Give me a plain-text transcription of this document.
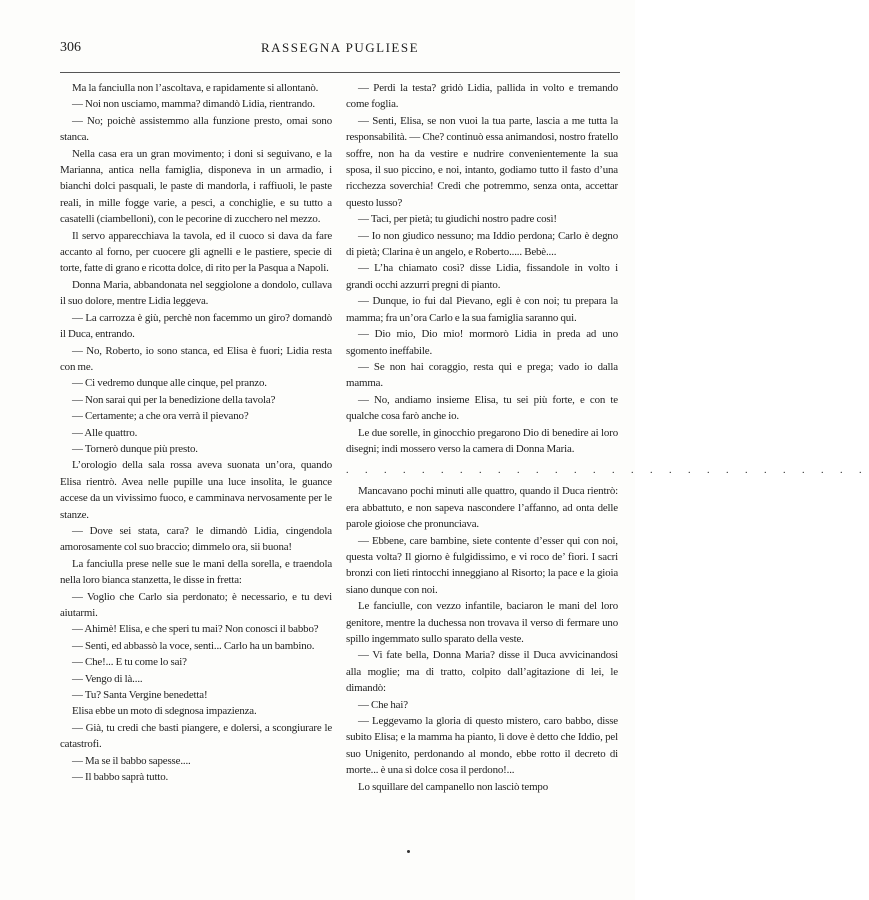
306	RASSEGNA PUGLIESE

Ma la fanciulla non l’ascoltava, e rapidamente si allontanò.

— Noi non usciamo, mamma? dimandò Lidia, rientrando.

— No; poichè assistemmo alla funzione presto, omai sono stanca.

Nella casa era un gran movimento; i doni si seguivano, e la Marianna, antica nella famiglia, disponeva in un armadio, i bianchi dolci pasquali, le paste di mandorla, i raffiuoli, le paste reali, in mille fogge varie, a pesci, a conchiglie, e su tutto a casatelli (ciambelloni), con le pecorine di zucchero nel mezzo.

Il servo apparecchiava la tavola, ed il cuoco si dava da fare accanto al forno, per cuocere gli agnelli e le pastiere, specie di torte, fatte di grano e ricotta dolce, di rito per la Pasqua a Napoli.

Donna Maria, abbandonata nel seggiolone a dondolo, cullava il suo dolore, mentre Lidia leggeva.

— La carrozza è giù, perchè non facemmo un giro? domandò il Duca, entrando.

— No, Roberto, io sono stanca, ed Elisa è fuori; Lidia resta con me.

— Ci vedremo dunque alle cinque, pel pranzo.

— Non sarai qui per la benedizione della tavola?

— Certamente; a che ora verrà il pievano?

— Alle quattro.

— Tornerò dunque più presto.

L’orologio della sala rossa aveva suonata un’ora, quando Elisa rientrò. Avea nelle pupille una luce insolita, le guance accese da un vivissimo fuoco, e camminava nervosamente per le stanze.

— Dove sei stata, cara? le dimandò Lidia, cingendola amorosamente col suo braccio; dimmelo ora, sii buona!

La fanciulla prese nelle sue le mani della sorella, e traendola nella loro bianca stanzetta, le disse in fretta:

— Voglio che Carlo sia perdonato; è necessario, e tu devi aiutarmi.

— Ahimè! Elisa, e che speri tu mai? Non conosci il babbo?

— Senti, ed abbassò la voce, senti... Carlo ha un bambino.

— Che!... E tu come lo sai?

— Vengo di là....

— Tu? Santa Vergine benedetta!

Elisa ebbe un moto di sdegnosa impazienza.

— Già, tu credi che basti piangere, e dolersi, a scongiurare le catastrofi.

— Ma se il babbo sapesse....

— Il babbo saprà tutto.

— Perdi la testa? gridò Lidia, pallida in volto e tremando come foglia.

— Senti, Elisa, se non vuoi la tua parte, lascia a me tutta la responsabilità. — Che? continuò essa animandosi, nostro fratello soffre, non ha da vestire e nudrire convenientemente la sua sposa, il suo piccino, e noi, intanto, godiamo tutto il fasto d’una ricchezza soverchia! Credi che potremmo, senza onta, accettar questo lusso?

— Taci, per pietà; tu giudichi nostro padre così!

— Io non giudico nessuno; ma Iddio perdona; Carlo è degno di pietà; Clarina è un angelo, e Roberto..... Bebè....

— L’ha chiamato così? disse Lidia, fissandole in volto i grandi occhi azzurri pregni di pianto.

— Dunque, io fui dal Pievano, egli è con noi; tu prepara la mamma; fra un’ora Carlo e la sua famiglia saranno qui.

— Dio mio, Dio mio! mormorò Lidia in preda ad uno sgomento ineffabile.

— Se non hai coraggio, resta qui e prega; vado io dalla mamma.

— No, andiamo insieme Elisa, tu sei più forte, e con te qualche cosa farò anche io.

Le due sorelle, in ginocchio pregarono Dio di benedire ai loro disegni; indi mossero verso la camera di Donna Maria.

. . . . . . . . . . . . . . . . . . . . . . . . . . . .

Mancavano pochi minuti alle quattro, quando il Duca rientrò: era abbattuto, e non sapeva nascondere l’affanno, ad onta delle parole gioiose che pronunciava.

— Ebbene, care bambine, siete contente d’esser qui con noi, questa volta? Il giorno è fulgidissimo, e vi roco de’ fiori. I sacri bronzi con lieti rintocchi inneggiano al Risorto; la pace e la gioia siano dunque con noi.

Le fanciulle, con vezzo infantile, baciaron le mani del loro genitore, mentre la duchessa non trovava il verso di fermare uno spillo ingemmato sullo sparato della veste.

— Vi fate bella, Donna Maria? disse il Duca avvicinandosi alla moglie; ma di tratto, colpito dall’agitazione di lei, le dimandò:

— Che hai?

— Leggevamo la gloria di questo mistero, caro babbo, disse subito Elisa; e la mamma ha pianto, lì dove è detto che Iddio, pel suo Unigenito, perdonando al mondo, ebbe rotto il decreto di morte... è una sì dolce cosa il perdono!...

Lo squillare del campanello non lasciò tempo
